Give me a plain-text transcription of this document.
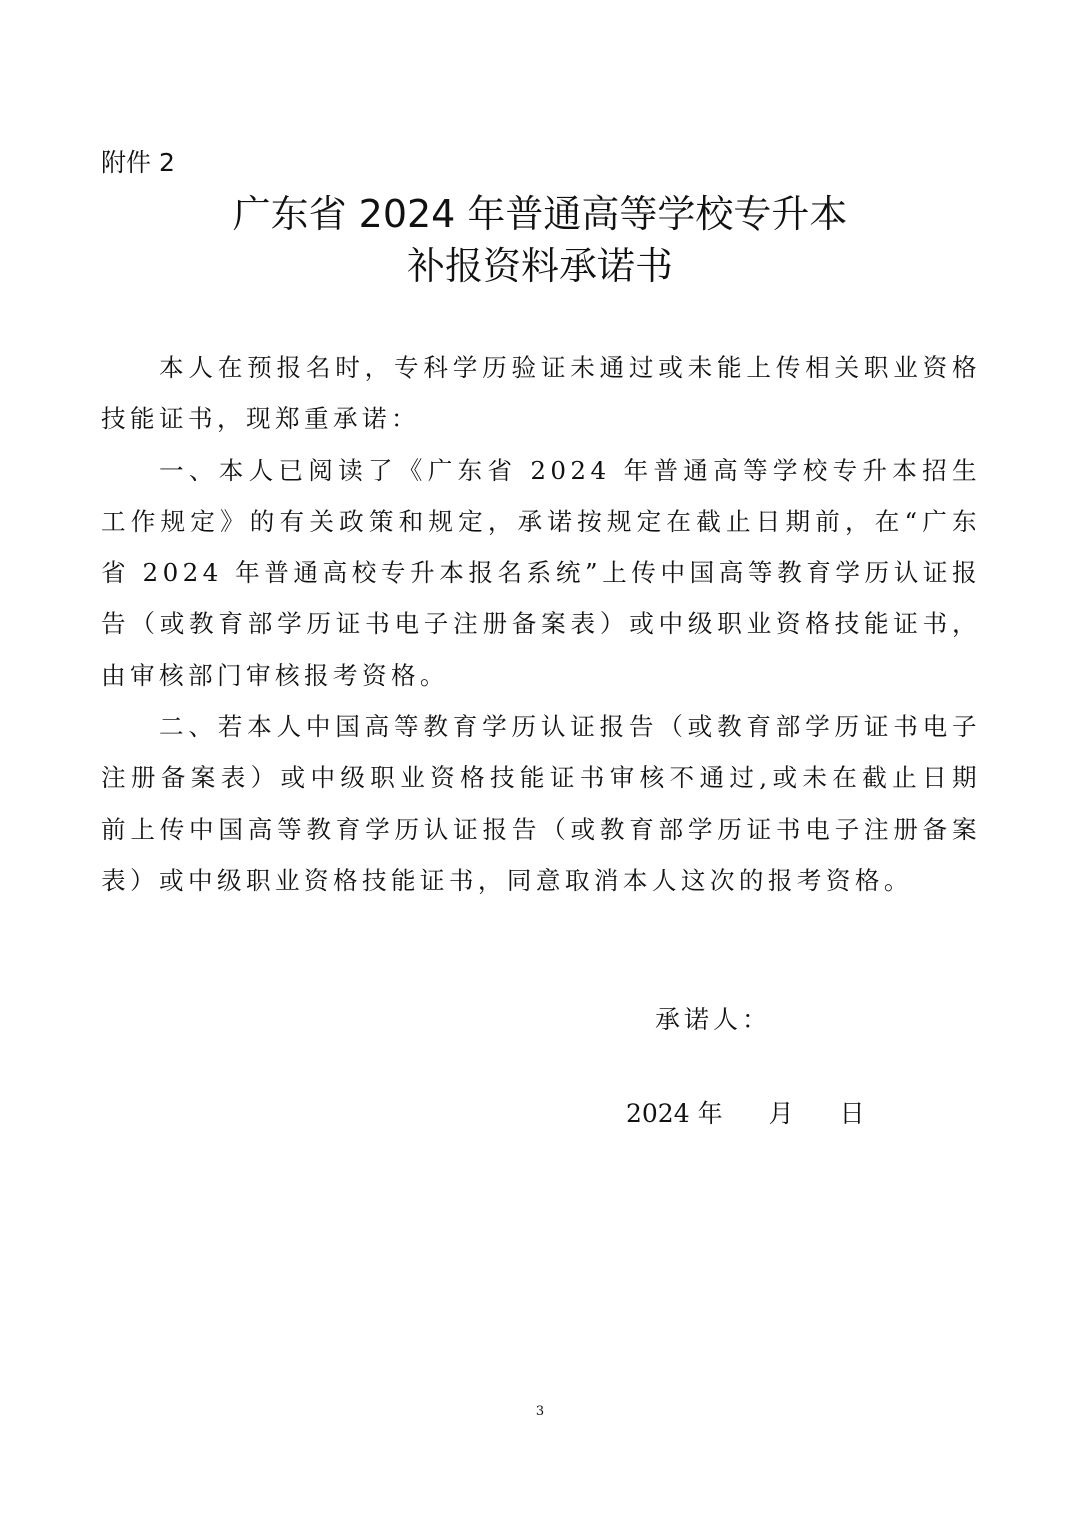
附件 2
广东省 2024 年普通高等学校专升本
补报资料承诺书

本人在预报名时，专科学历验证未通过或未能上传相关职业资格技能证书，现郑重承诺：

一、本人已阅读了《广东省 2024 年普通高等学校专升本招生工作规定》的有关政策和规定，承诺按规定在截止日期前，在“广东省 2024 年普通高校专升本报名系统”上传中国高等教育学历认证报告（或教育部学历证书电子注册备案表）或中级职业资格技能证书，由审核部门审核报考资格。

二、若本人中国高等教育学历认证报告（或教育部学历证书电子注册备案表）或中级职业资格技能证书审核不通过,或未在截止日期前上传中国高等教育学历认证报告（或教育部学历证书电子注册备案表）或中级职业资格技能证书，同意取消本人这次的报考资格。

承诺人：
2024 年 月 日
3
